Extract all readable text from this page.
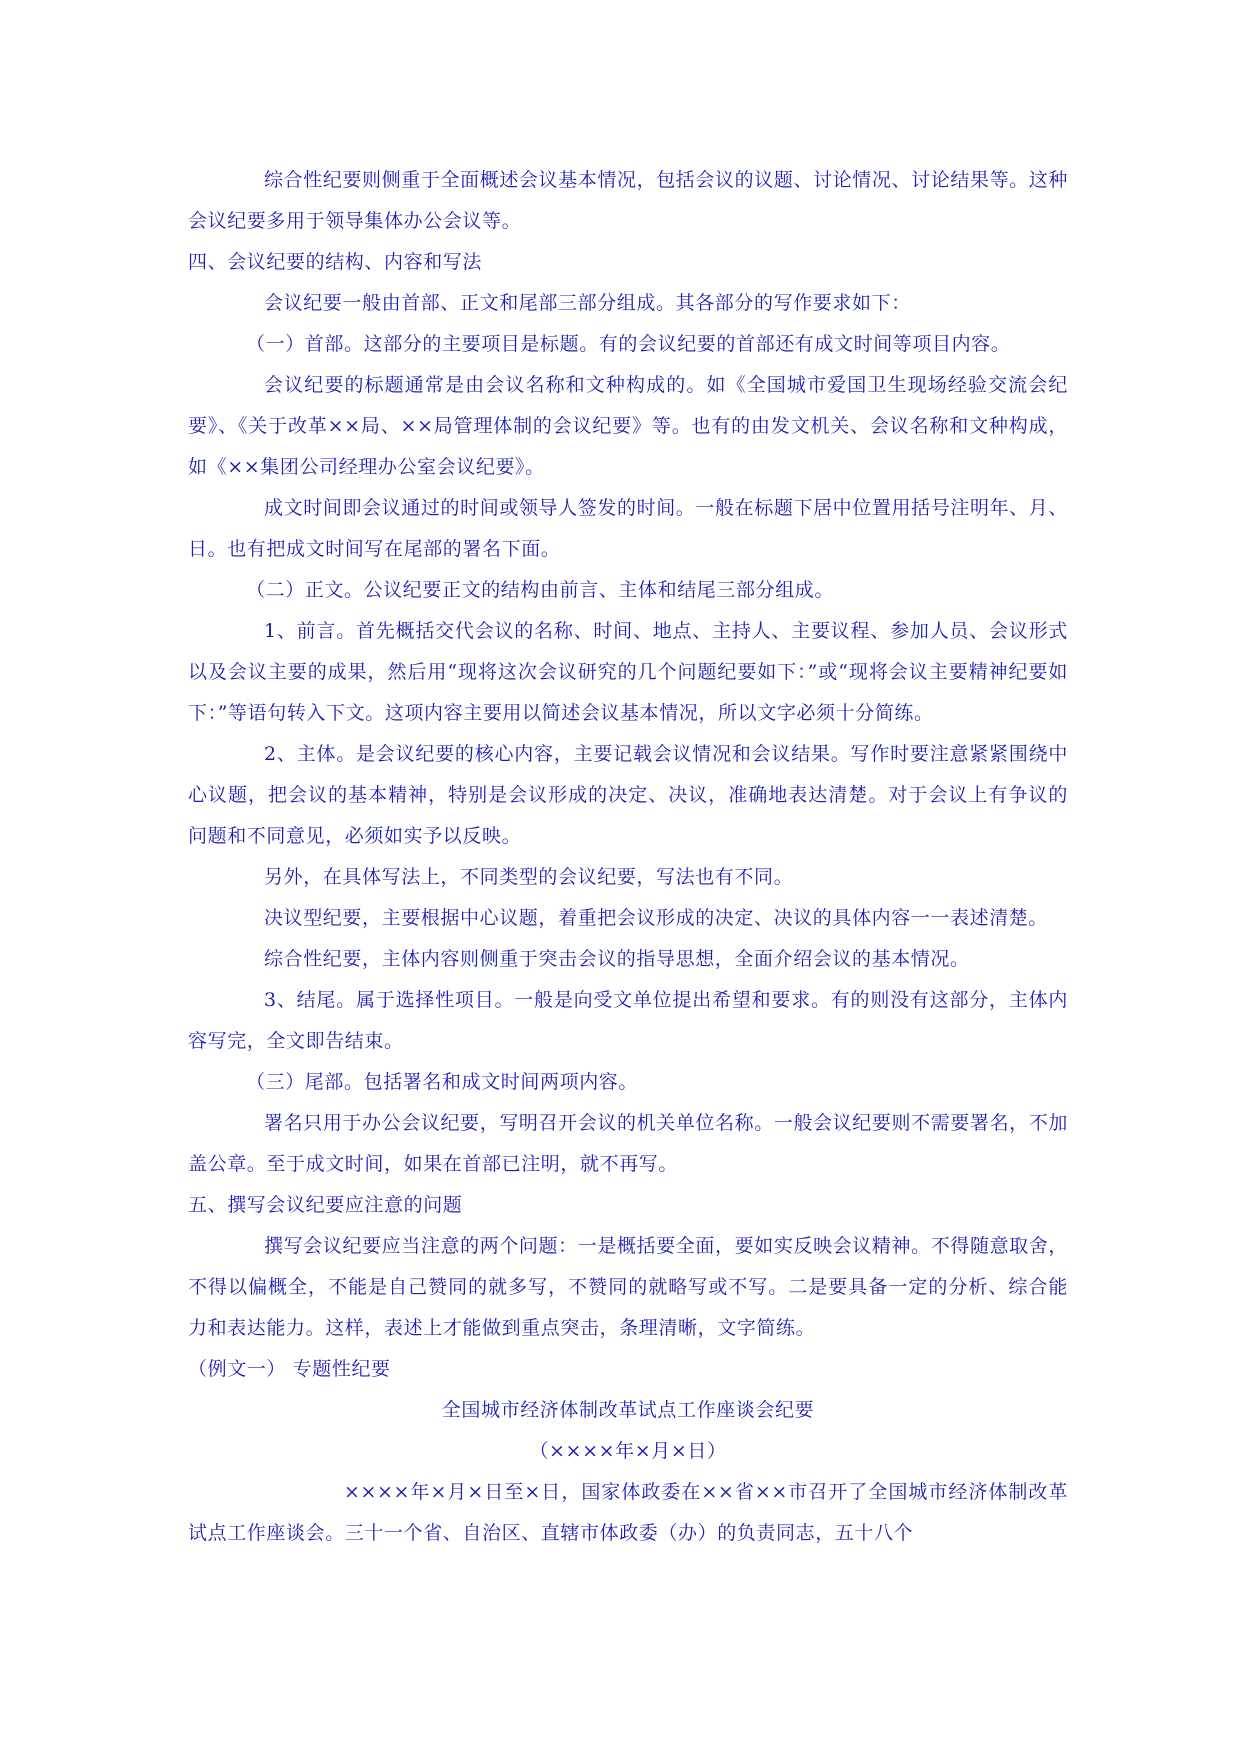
综合性纪要则侧重于全面概述会议基本情况，包括会议的议题、讨论情况、讨论结果等。这种会议纪要多用于领导集体办公会议等。

四、会议纪要的结构、内容和写法

会议纪要一般由首部、正文和尾部三部分组成。其各部分的写作要求如下：

（一）首部。这部分的主要项目是标题。有的会议纪要的首部还有成文时间等项目内容。

会议纪要的标题通常是由会议名称和文种构成的。如《全国城市爱国卫生现场经验交流会纪要》、《关于改革××局、××局管理体制的会议纪要》等。也有的由发文机关、会议名称和文种构成，如《××集团公司经理办公室会议纪要》。

成文时间即会议通过的时间或领导人签发的时间。一般在标题下居中位置用括号注明年、月、日。也有把成文时间写在尾部的署名下面。

（二）正文。公议纪要正文的结构由前言、主体和结尾三部分组成。

1、前言。首先概括交代会议的名称、时间、地点、主持人、主要议程、参加人员、会议形式以及会议主要的成果，然后用“现将这次会议研究的几个问题纪要如下：”或“现将会议主要精神纪要如下：”等语句转入下文。这项内容主要用以简述会议基本情况，所以文字必须十分简练。

2、主体。是会议纪要的核心内容，主要记载会议情况和会议结果。写作时要注意紧紧围绕中心议题，把会议的基本精神，特别是会议形成的决定、决议，准确地表达清楚。对于会议上有争议的问题和不同意见，必须如实予以反映。

另外，在具体写法上，不同类型的会议纪要，写法也有不同。

决议型纪要，主要根据中心议题，着重把会议形成的决定、决议的具体内容一一表述清楚。

综合性纪要，主体内容则侧重于突击会议的指导思想，全面介绍会议的基本情况。

3、结尾。属于选择性项目。一般是向受文单位提出希望和要求。有的则没有这部分，主体内容写完，全文即告结束。

（三）尾部。包括署名和成文时间两项内容。

署名只用于办公会议纪要，写明召开会议的机关单位名称。一般会议纪要则不需要署名，不加盖公章。至于成文时间，如果在首部已注明，就不再写。

五、撰写会议纪要应注意的问题

撰写会议纪要应当注意的两个问题：一是概括要全面，要如实反映会议精神。不得随意取舍，不得以偏概全，不能是自己赞同的就多写，不赞同的就略写或不写。二是要具备一定的分析、综合能力和表达能力。这样，表述上才能做到重点突击，条理清晰，文字简练。

（例文一） 专题性纪要

全国城市经济体制改革试点工作座谈会纪要

（××××年×月×日）

××××年×月×日至×日，国家体政委在××省××市召开了全国城市经济体制改革试点工作座谈会。三十一个省、自治区、直辖市体政委（办）的负责同志，五十八个
